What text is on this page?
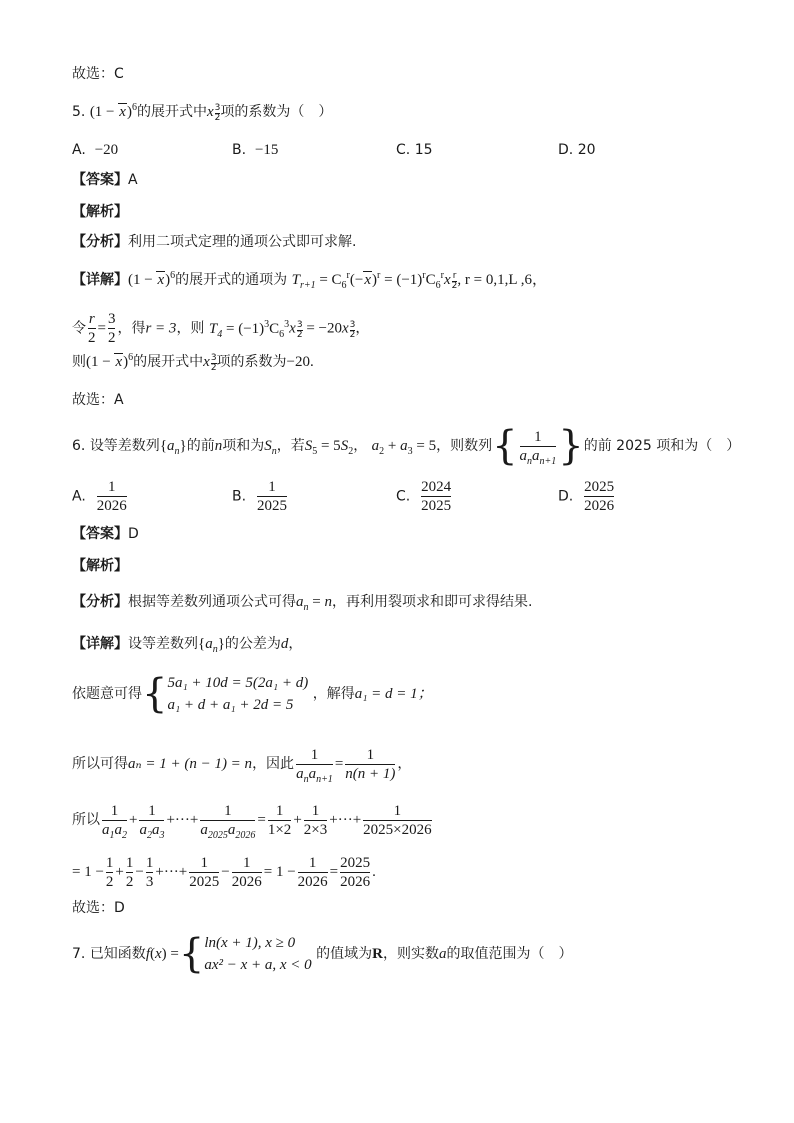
故选：C
5. $(1 - x)^6$的展开式中x $\frac{3}{2}$ 项的系数为（　）
A. −20	B. −15	C. 15	D. 20
【答案】A
【解析】
【分析】利用二项式定理的通项公式即可求解.
【详解】$(1 - x)^6$的展开式的通项为 $T_{r+1} = C_6^r(-x)^r = (-1)^rC_6^rx \frac{r}{2}$ , r = 0,1,L ,6，
令 $\frac{r}{2} = \frac{3}{2}$ ，得r = 3，则 $T_4 = (-1)^3C_6^3x \frac{3}{2} = -20x \frac{3}{2}$ ，
则$(1 - x)^6$的展开式中x $\frac{3}{2}$ 项的系数为−20.
故选：A
6. 设等差数列$\{a_n\}$的前n项和为$S_n$，若$S_5 = 5S_2$， $a_2 + a_3 = 5$，则数列{ $\frac{1}{a_na_{n+1}}$ }的前 2025 项和为（　）
A. $\frac{1}{2026}$	B. $\frac{1}{2025}$	C. $\frac{2024}{2025}$	D. $\frac{2025}{2026}$
【答案】D
【解析】
【分析】根据等差数列通项公式可得$a_n = n$，再利用裂项求和即可求得结果.
【详解】设等差数列$\{a_n\}$的公差为d，
依题意可得{ 5a₁ + 10d = 5(2a₁ + d)
a₁ + d + a₁ + 2d = 5
，解得a₁ = d = 1；
所以可得aₙ = 1 + (n − 1) = n，因此 $\frac{1}{a_na_{n+1}} = \frac{1}{n(n + 1)}$ ，
所以 $\frac{1}{a_1a_2} + \frac{1}{a_2a_3}$ +···+ $\frac{1}{a_{2025}a_{2026}} = \frac{1}{1\times 2} + \frac{1}{2\times 3}$ +···+ $\frac{1}{2025\times 2026}$
= $1 - \frac{1}{2} + \frac{1}{2} - \frac{1}{3}$ +···+ $\frac{1}{2025} - \frac{1}{2026} = 1 - \frac{1}{2026} = \frac{2025}{2026}$ .
故选：D
7. 已知函数f(x) ={ ln(x + 1), x ≥ 0
ax² − x + a, x < 0
的值域为R，则实数a的取值范围为（　）
